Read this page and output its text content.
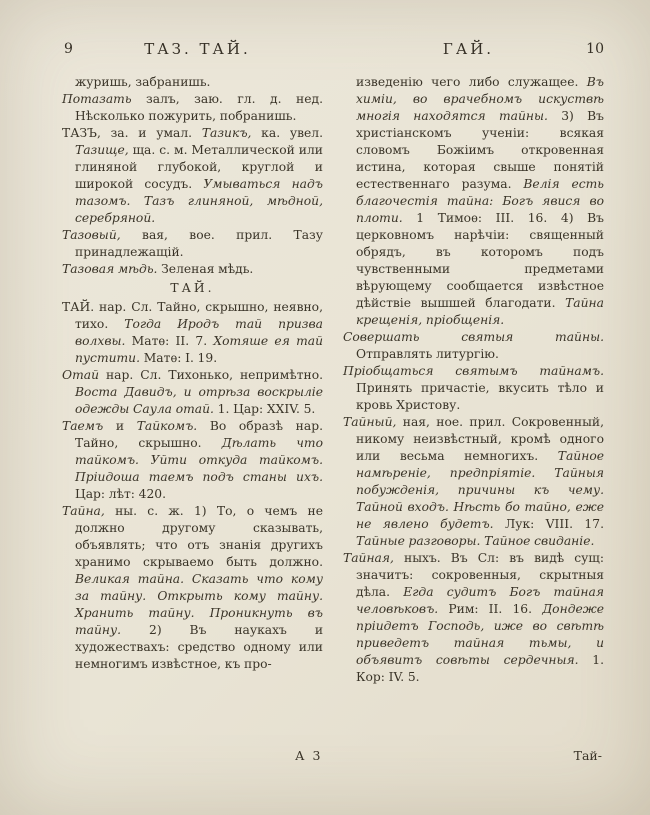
9	ТАЗ. ТАЙ.	ГАЙ.	10

журишь, забранишь.

Потазать залъ, заю. гл. д. нед. Нѣсколько пожурить, побранишь.

ТАЗЪ, за. и умал. Тазикъ, ка. увел. Тазище, ща. с. м. Металлической или глиняной глубокой, круглой и широкой сосудъ. Умываться надъ тазомъ. Тазъ глиняной, мѣдной, серебряной.

Тазовый, вая, вое. прил. Тазу принадлежащій.

Тазовая мѣдь. Зеленая мѣдь.

ТАЙ.

ТАЙ. нар. Сл. Тайно, скрышно, неявно, тихо. Тогда Иродъ тай призва волхвы. Матѳ: II. 7. Хотяше ея тай пустити. Матѳ: I. 19.

Отай нар. Сл. Тихонько, непримѣтно. Воста Давидъ, и отрѣза воскрыліе одежды Саула отай. 1. Цар: XXIV. 5.

Таемъ и Тайкомъ. Во образѣ нар. Тайно, скрышно. Дѣлать что тайкомъ. Уйти откуда тайкомъ. Пріидоша таемъ подъ станы ихъ. Цар: лѣт: 420.

Тайна, ны. с. ж. 1) То, о чемъ не должно другому сказывать, объявлять; что отъ знанія другихъ хранимо скрываемо быть должно. Великая тайна. Сказать что кому за тайну. Открыть кому тайну. Хранить тайну. Проникнуть въ тайну. 2) Въ наукахъ и художествахъ: средство одному или немногимъ извѣстное, къ про-

изведенію чего либо служащее. Въ химіи, во врачебномъ искуствѣ многія находятся тайны. 3) Въ христіанскомъ ученіи: всякая словомъ Божіимъ откровенная истина, которая свыше понятій естественнаго разума. Велія есть благочестія тайна: Богъ явися во плоти. 1 Тимоѳ: III. 16. 4) Въ церковномъ нарѣчіи: священный обрядъ, въ которомъ подъ чувственными предметами вѣрующему сообщается извѣстное дѣйствіе вышшей благодати. Тайна крещенія, пріобщенія.

Совершать святыя тайны. Отправлять литургію.

Пріобщаться святымъ тайнамъ. Принять причастіе, вкусить тѣло и кровь Христову.

Тайный, ная, ное. прил. Сокровенный, никому неизвѣстный, кромѣ одного или весьма немногихъ. Тайное намѣреніе, предпріятіе. Тайныя побужденія, причины къ чему. Тайной входъ. Нѣсть бо тайно, еже не явлено будетъ. Лук: VIII. 17. Тайные разговоры. Тайное свиданіе.

Тайная, ныхъ. Въ Сл: въ видѣ сущ: значитъ: сокровенныя, скрытныя дѣла. Егда судитъ Богъ тайная человѣковъ. Рим: II. 16. Дондеже пріидетъ Господь, иже во свѣтѣ приведетъ тайная тьмы, и объявитъ совѣты сердечныя. 1. Кор: IV. 5.

А 3	Тай-
